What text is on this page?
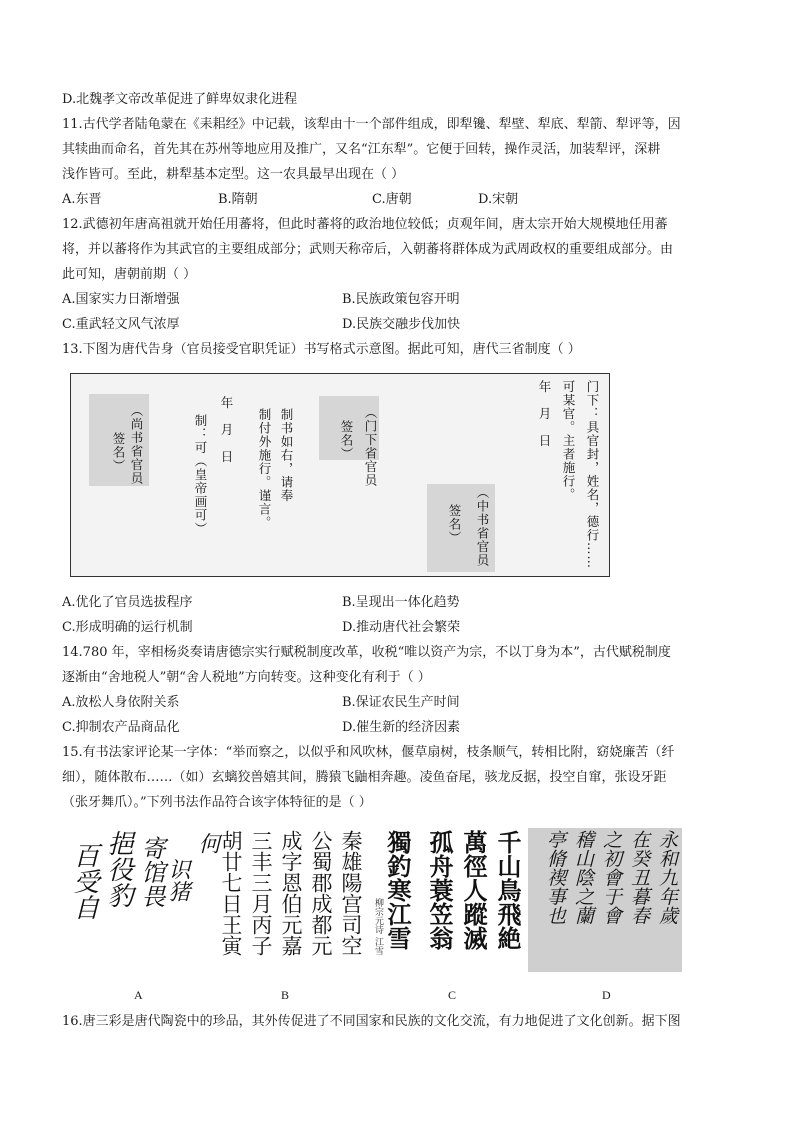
D.北魏孝文帝改革促进了鲜卑奴隶化进程
11.古代学者陆龟蒙在《耒耜经》中记载，该犁由十一个部件组成，即犁镵、犁壁、犁底、犁箭、犁评等，因
其犊曲而命名，首先其在苏州等地应用及推广，又名“江东犁”。它便于回转，操作灵活，加装犁评，深耕
浅作皆可。至此，耕犁基本定型。这一农具最早出现在（ ）
A.东晋	B.隋朝	C.唐朝	D.宋朝
12.武德初年唐高祖就开始任用蕃将，但此时蕃将的政治地位较低；贞观年间，唐太宗开始大规模地任用蕃
将，并以蕃将作为其武官的主要组成部分；武则天称帝后，入朝蕃将群体成为武周政权的重要组成部分。由
此可知，唐朝前期（ ）
A.国家实力日渐增强	B.民族政策包容开明
C.重武轻文风气浓厚	D.民族交融步伐加快
13.下图为唐代告身（官员接受官职凭证）书写格式示意图。据此可知，唐代三省制度（ ）
（尚书省官员
签名）	制：可（皇帝画可） 年　月　日 制付外施行。谨言。 制书如右，请奉	（门下省官员
签名）
（中书省官员
签名）
年　月　日 可某官。主者施行。 门下：具官封，姓名，德行……
A.优化了官员选拔程序	B.呈现出一体化趋势
C.形成明确的运行机制	D.推动唐代社会繁荣
14.780 年，宰相杨炎奏请唐德宗实行赋税制度改革，收税“唯以资产为宗，不以丁身为本”，古代赋税制度
逐渐由“舍地税人”朝“舍人税地”方向转变。这种变化有利于（ ）
A.放松人身依附关系	B.保证农民生产时间
C.抑制农产品商品化	D.催生新的经济因素
15.有书法家评论某一字体：“举而察之，以似乎和风吹林，偃草扇树，枝条顺气，转相比附，窈娆廉苦（纤
细），随体散布……（如）玄螭狡兽嬉其间，腾猿飞鼬相奔趣。凌鱼奋尾，骇龙反据，投空自窜，张设牙距
（张牙舞爪）。”下列书法作品符合该字体特征的是（ ）
何
识猪
寄馆畏
挹役豹
百受自	秦雄陽宫司空
公蜀郡成都元
成字恩伯元嘉
三丰三月丙子
胡廿七日王寅	千山鳥飛絶
萬徑人蹤滅
孤舟蓑笠翁
獨釣寒江雪
柳宗元诗 江雪
永和九年歲
在癸丑暮春
之初會于會
稽山陰之蘭
亭脩禊事也
A	B	C	D
16.唐三彩是唐代陶瓷中的珍品，其外传促进了不同国家和民族的文化交流，有力地促进了文化创新。据下图
